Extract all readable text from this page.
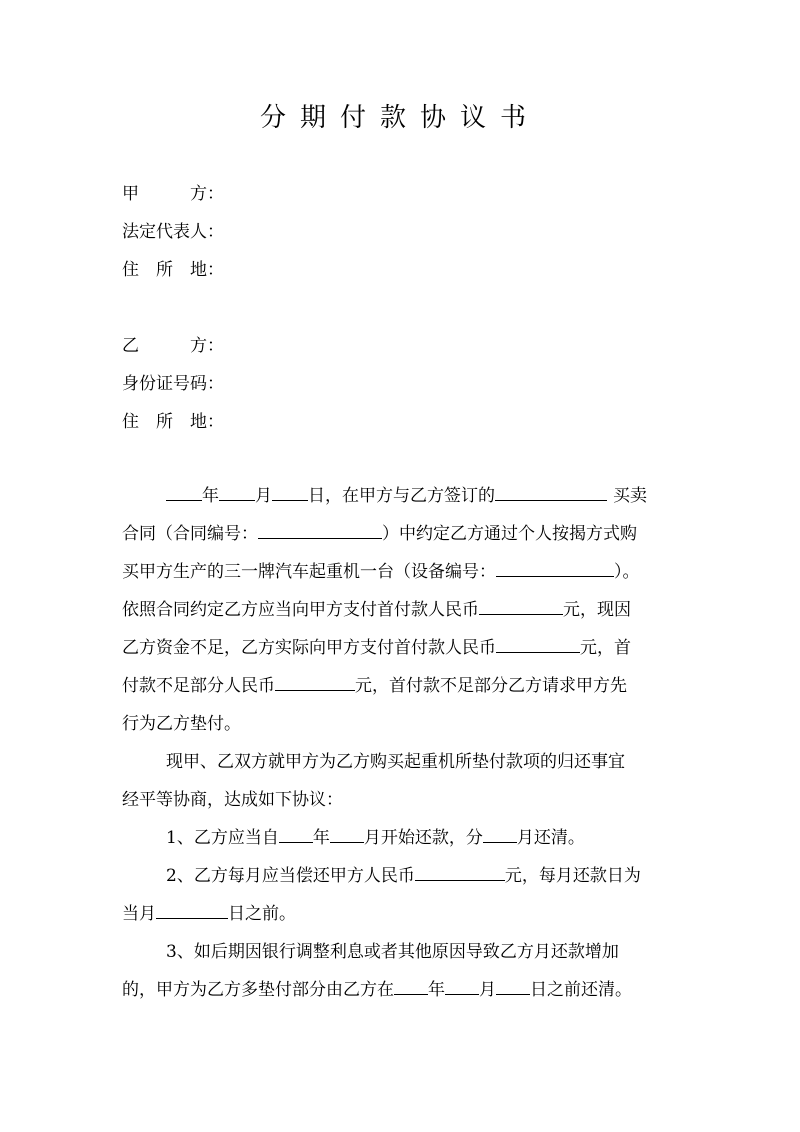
分期付款协议书
甲　　　方：
法定代表人：
住　所　地：
乙　　　方：
身份证号码：
住　所　地：
年 月 日，在甲方与乙方签订的	买卖
合同（合同编号：	）中约定乙方通过个人按揭方式购
买甲方生产的三一牌汽车起重机一台（设备编号：	）。
依照合同约定乙方应当向甲方支付首付款人民币	元，现因
乙方资金不足，乙方实际向甲方支付首付款人民币	元，首
付款不足部分人民币	元，首付款不足部分乙方请求甲方先
行为乙方垫付。
现甲、乙双方就甲方为乙方购买起重机所垫付款项的归还事宜
经平等协商，达成如下协议：
1、乙方应当自 年 月开始还款，分 月还清。
2、乙方每月应当偿还甲方人民币	元，每月还款日为
当月	日之前。
3、如后期因银行调整利息或者其他原因导致乙方月还款增加
的，甲方为乙方多垫付部分由乙方在 年 月 日之前还清。
